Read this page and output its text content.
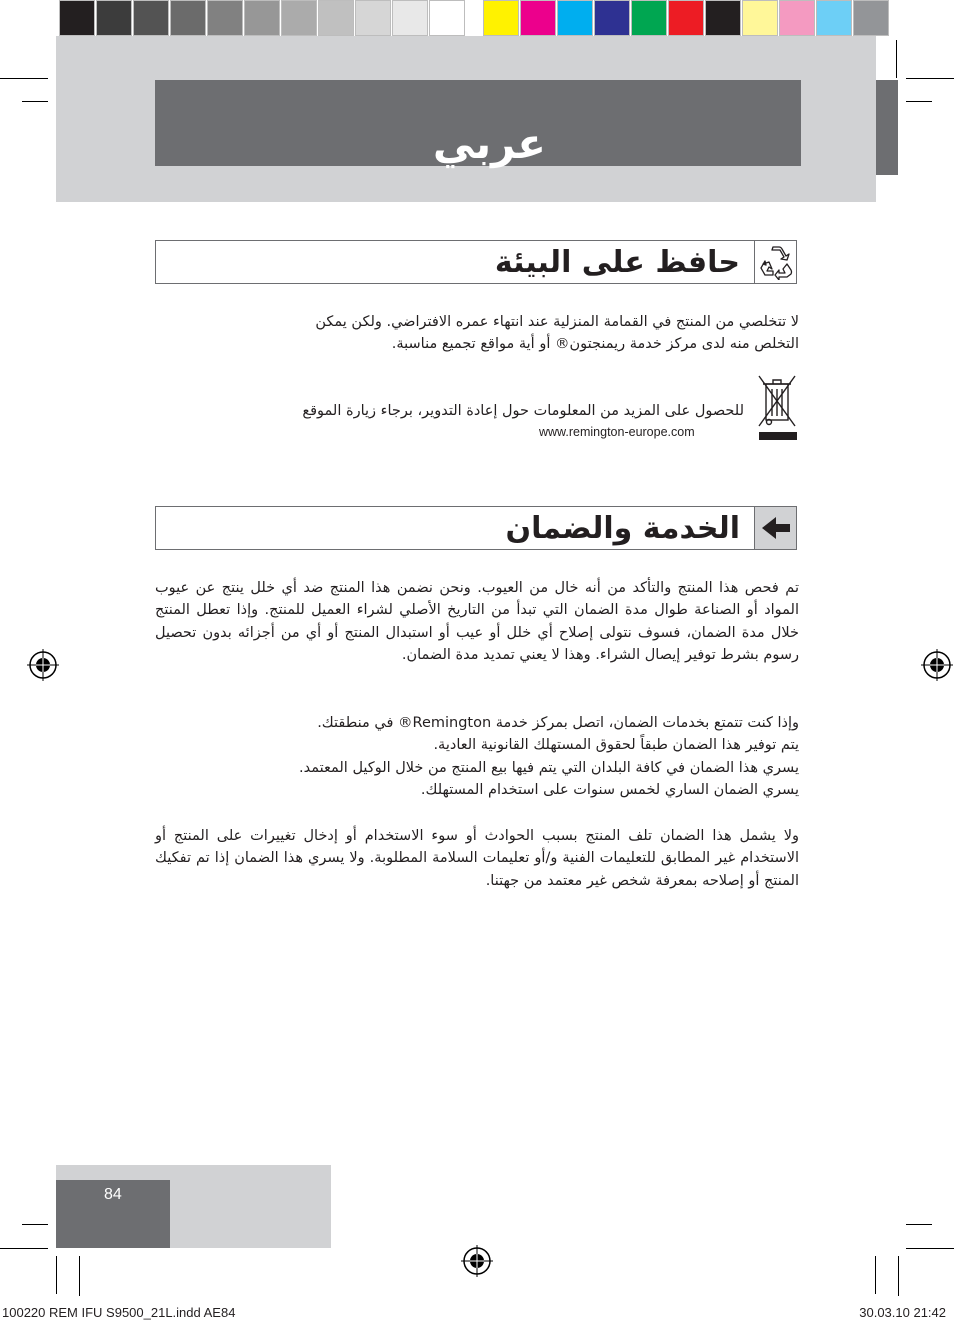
عربي
حافظ على البيئة

لا تتخلصي من المنتج في القمامة المنزلية عند انتهاء عمره الافتراضي. ولكن يمكن

التخلص منه لدى مركز خدمة ريمنجتون® أو أية مواقع تجميع مناسبة.

للحصول على المزيد من المعلومات حول إعادة التدوير، برجاء زيارة الموقع
www.remington-europe.com
الخدمة والضمان
تم فحص هذا المنتج والتأكد من أنه خال من العيوب. ونحن نضمن هذا المنتج ضد أي خلل ينتج عن عيوب المواد أو الصناعة طوال مدة الضمان التي تبدأ من التاريخ الأصلي لشراء العميل للمنتج. وإذا تعطل المنتج خلال مدة الضمان، فسوف نتولى إصلاح أي خلل أو عيب أو استبدال المنتج أو أي من أجزائه بدون تحصيل رسوم بشرط توفير إيصال الشراء. وهذا لا يعني تمديد مدة الضمان.

وإذا كنت تتمتع بخدمات الضمان، اتصل بمركز خدمة Remington® في منطقتك.

يتم توفير هذا الضمان طبقاً لحقوق المستهلك القانونية العادية.

يسري هذا الضمان في كافة البلدان التي يتم فيها بيع المنتج من خلال الوكيل المعتمد.

يسري الضمان الساري لخمس سنوات على استخدام المستهلك.

ولا يشمل هذا الضمان تلف المنتج بسبب الحوادث أو سوء الاستخدام أو إدخال تغييرات على المنتج أو الاستخدام غير المطابق للتعليمات الفنية و/أو تعليمات السلامة المطلوبة. ولا يسري هذا الضمان إذا تم تفكيك المنتج أو إصلاحه بمعرفة شخص غير معتمد من جهتنا.
84
100220 REM IFU S9500_21L.indd AE84	30.03.10 21:42
